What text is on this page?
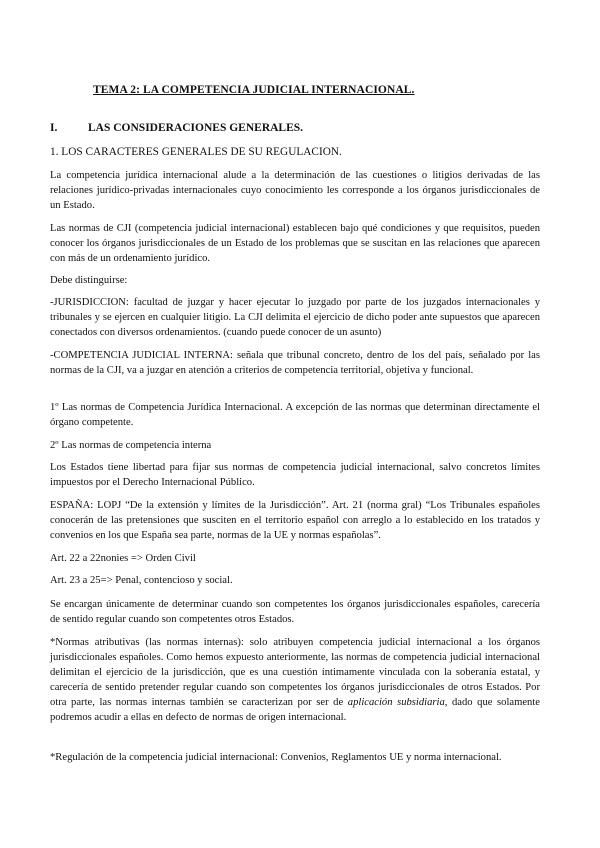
TEMA 2: LA COMPETENCIA JUDICIAL INTERNACIONAL.
I.	LAS CONSIDERACIONES GENERALES.
1. LOS CARACTERES GENERALES DE SU REGULACION.

La competencia jurídica internacional alude a la determinación de las cuestiones o litigios derivadas de las relaciones jurídico-privadas internacionales cuyo conocimiento les corresponde a los órganos jurisdiccionales de un Estado.

Las normas de CJI (competencia judicial internacional) establecen bajo qué condiciones y que requisitos, pueden conocer los órganos jurisdiccionales de un Estado de los problemas que se suscitan en las relaciones que aparecen con más de un ordenamiento jurídico.

Debe distinguirse:

-JURISDICCION: facultad de juzgar y hacer ejecutar lo juzgado por parte de los juzgados internacionales y tribunales y se ejercen en cualquier litigio. La CJI delimita el ejercicio de dicho poder ante supuestos que aparecen conectados con diversos ordenamientos. (cuando puede conocer de un asunto)

-COMPETENCIA JUDICIAL INTERNA: señala que tribunal concreto, dentro de los del país, señalado por las normas de la CJI, va a juzgar en atención a criterios de competencia territorial, objetiva y funcional.

1º Las normas de Competencia Jurídica Internacional. A excepción de las normas que determinan directamente el órgano competente.

2º Las normas de competencia interna

Los Estados tiene libertad para fijar sus normas de competencia judicial internacional, salvo concretos límites impuestos por el Derecho Internacional Público.

ESPAÑA: LOPJ “De la extensión y límites de la Jurisdicción”. Art. 21 (norma gral) “Los Tribunales españoles conocerán de las pretensiones que susciten en el territorio español con arreglo a lo establecido en los tratados y convenios en los que España sea parte, normas de la UE y normas españolas”.

Art. 22 a 22nonies => Orden Civil

Art. 23 a 25=> Penal, contencioso y social.

Se encargan únicamente de determinar cuando son competentes los órganos jurisdiccionales españoles, carecería de sentido regular cuando son competentes otros Estados.

*Normas atributivas (las normas internas): solo atribuyen competencia judicial internacional a los órganos jurisdiccionales españoles. Como hemos expuesto anteriormente, las normas de competencia judicial internacional delimitan el ejercicio de la jurisdicción, que es una cuestión íntimamente vinculada con la soberanía estatal, y carecería de sentido pretender regular cuando son competentes los órganos jurisdiccionales de otros Estados. Por otra parte, las normas internas también se caracterizan por ser de aplicación subsidiaria, dado que solamente podremos acudir a ellas en defecto de normas de origen internacional.

*Regulación de la competencia judicial internacional: Convenios, Reglamentos UE y norma internacional.
